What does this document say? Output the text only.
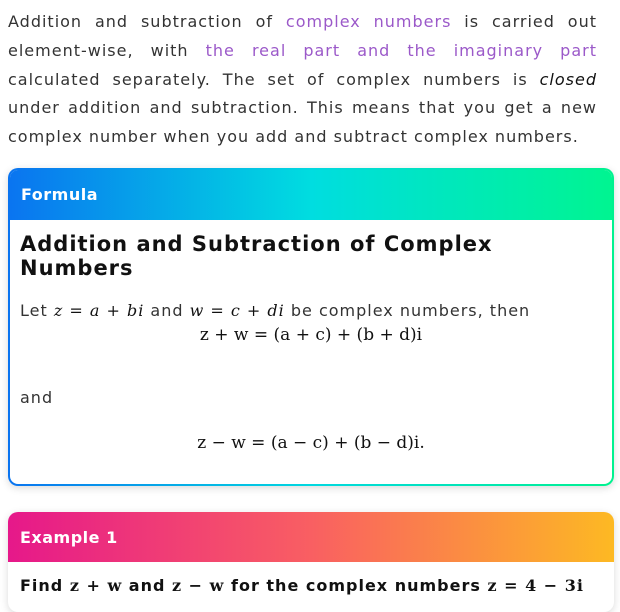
Addition and subtraction of complex numbers is carried out element-wise, with the real part and the imaginary part calculated separately. The set of complex numbers is closed under addition and subtraction. This means that you get a new complex number when you add and subtract complex numbers.
Formula
Addition and Subtraction of Complex Numbers
Let z = a + bi and w = c + di be complex numbers, then
z + w = (a + c) + (b + d)i
and
z − w = (a − c) + (b − d)i.
Example 1
Find z + w and z − w for the complex numbers z = 4 − 3i
